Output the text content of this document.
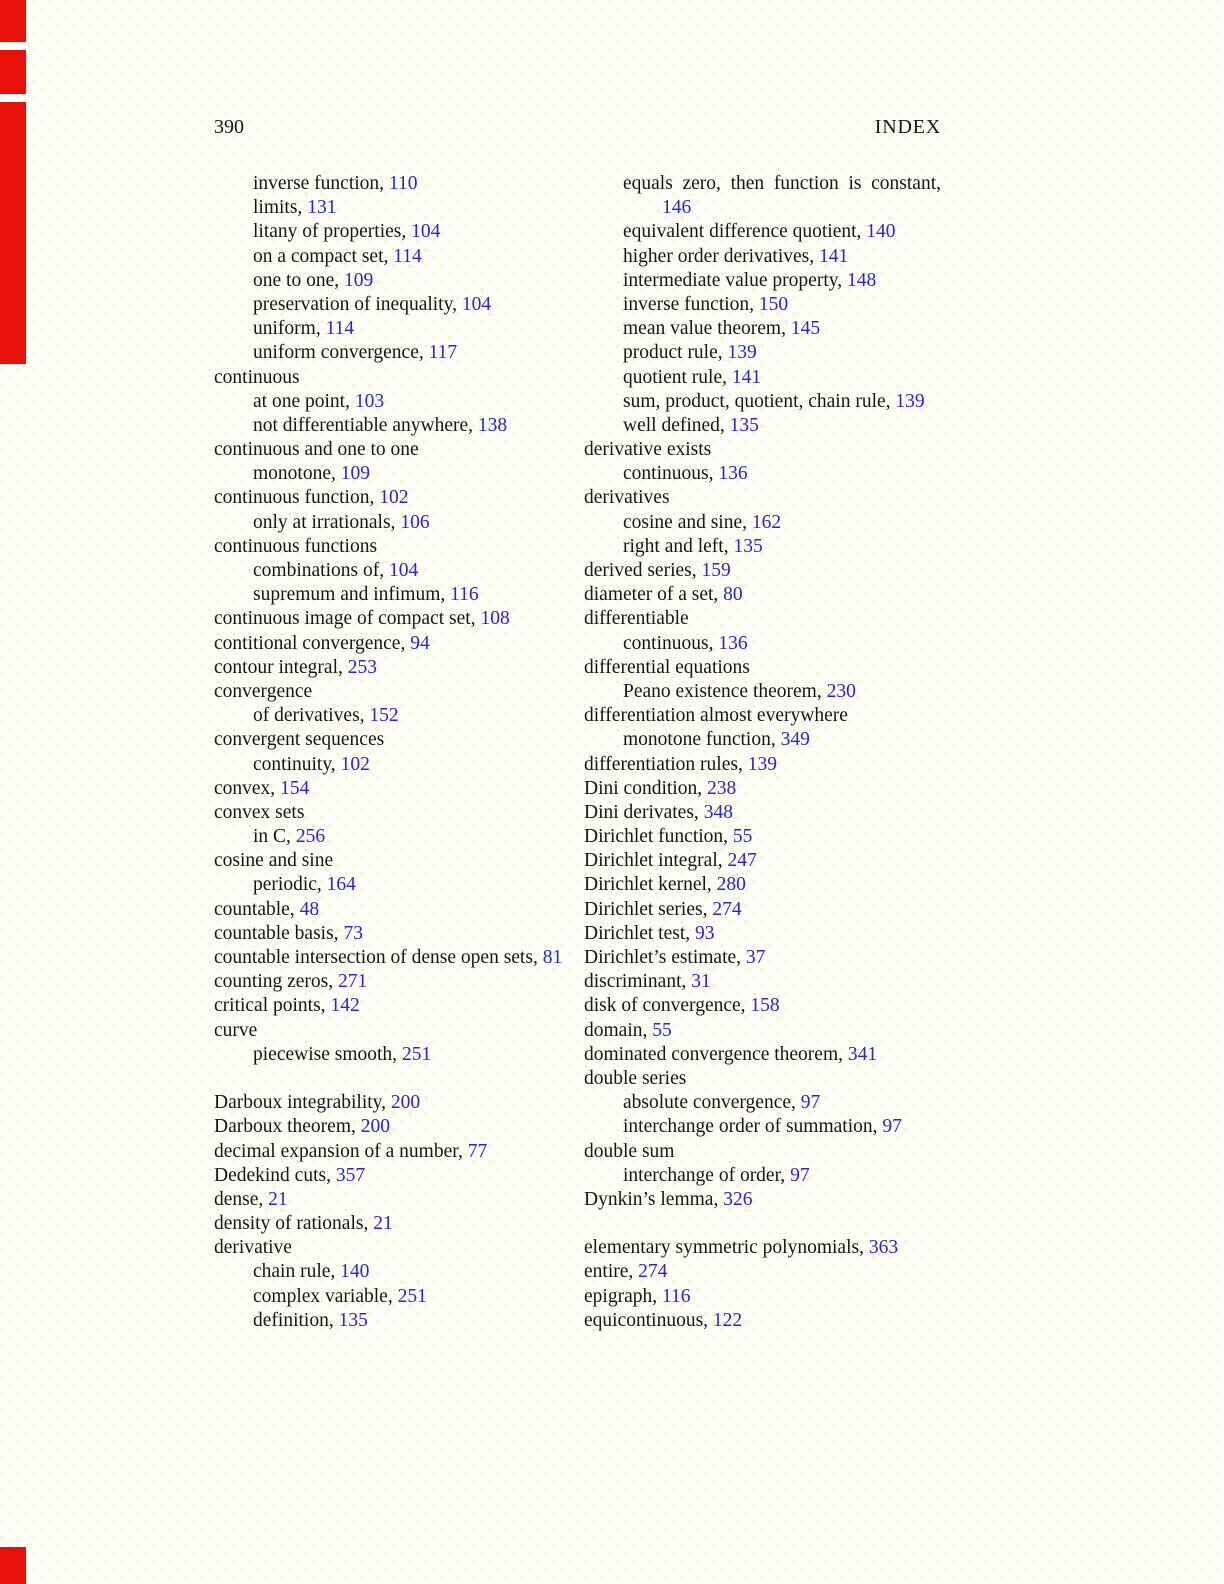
390	INDEX
inverse function, 110
limits, 131
litany of properties, 104
on a compact set, 114
one to one, 109
preservation of inequality, 104
uniform, 114
uniform convergence, 117
continuous
at one point, 103
not differentiable anywhere, 138
continuous and one to one
monotone, 109
continuous function, 102
only at irrationals, 106
continuous functions
combinations of, 104
supremum and infimum, 116
continuous image of compact set, 108
contitional convergence, 94
contour integral, 253
convergence
of derivatives, 152
convergent sequences
continuity, 102
convex, 154
convex sets
in C, 256
cosine and sine
periodic, 164
countable, 48
countable basis, 73
countable intersection of dense open sets, 81
counting zeros, 271
critical points, 142
curve
piecewise smooth, 251
Darboux integrability, 200
Darboux theorem, 200
decimal expansion of a number, 77
Dedekind cuts, 357
dense, 21
density of rationals, 21
derivative
chain rule, 140
complex variable, 251
definition, 135
equals zero, then function is constant,
146
equivalent difference quotient, 140
higher order derivatives, 141
intermediate value property, 148
inverse function, 150
mean value theorem, 145
product rule, 139
quotient rule, 141
sum, product, quotient, chain rule, 139
well defined, 135
derivative exists
continuous, 136
derivatives
cosine and sine, 162
right and left, 135
derived series, 159
diameter of a set, 80
differentiable
continuous, 136
differential equations
Peano existence theorem, 230
differentiation almost everywhere
monotone function, 349
differentiation rules, 139
Dini condition, 238
Dini derivates, 348
Dirichlet function, 55
Dirichlet integral, 247
Dirichlet kernel, 280
Dirichlet series, 274
Dirichlet test, 93
Dirichlet’s estimate, 37
discriminant, 31
disk of convergence, 158
domain, 55
dominated convergence theorem, 341
double series
absolute convergence, 97
interchange order of summation, 97
double sum
interchange of order, 97
Dynkin’s lemma, 326
elementary symmetric polynomials, 363
entire, 274
epigraph, 116
equicontinuous, 122
